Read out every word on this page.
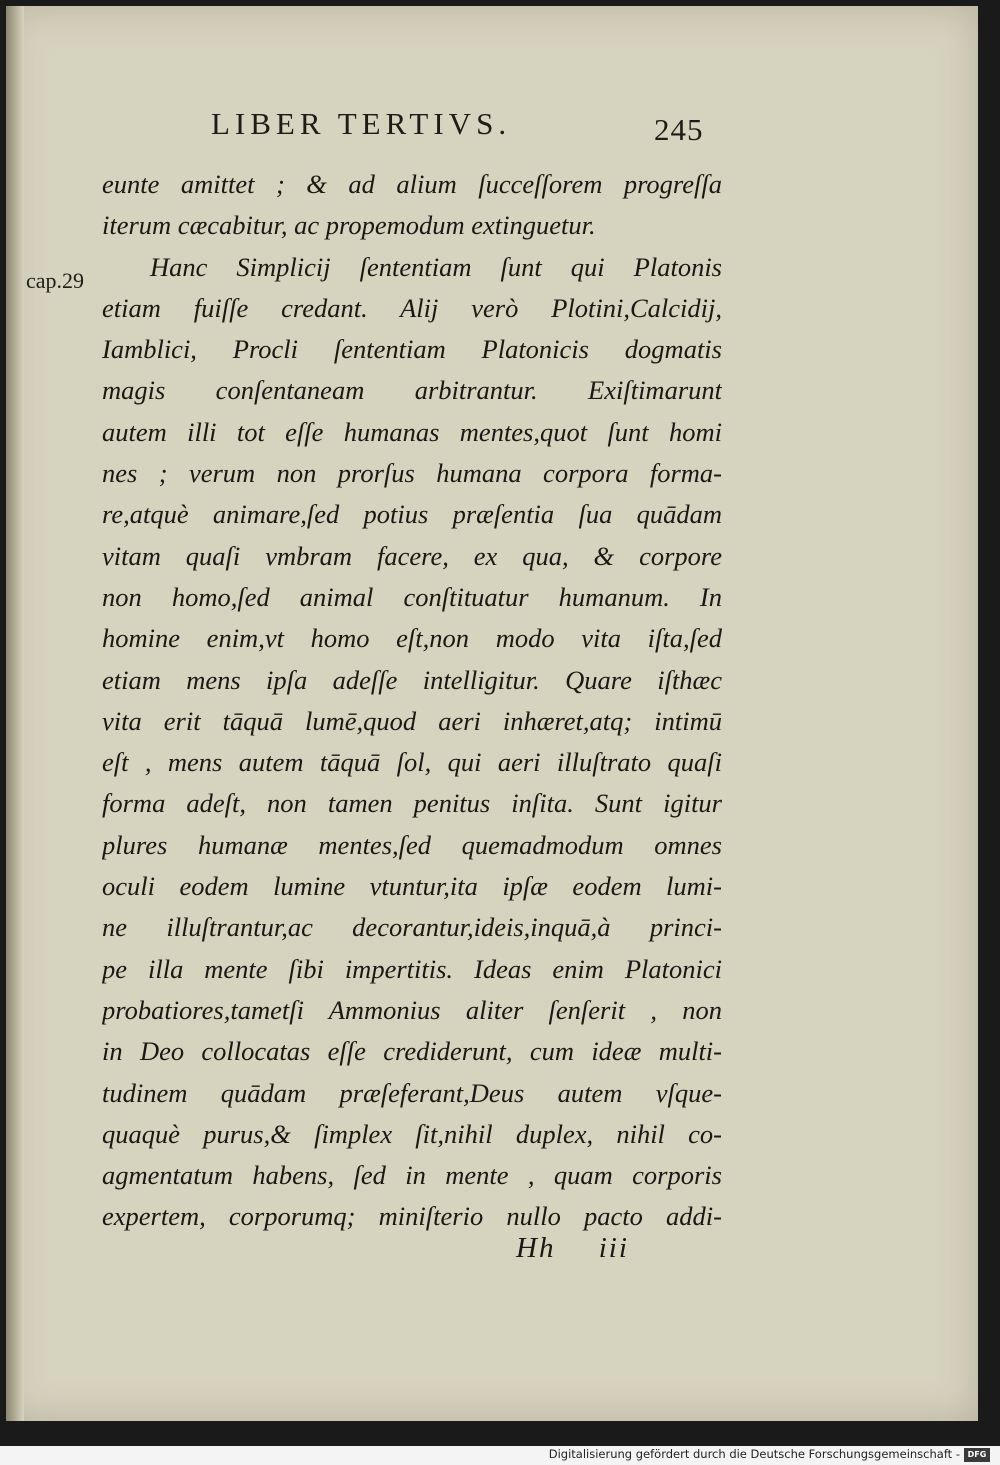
LIBER TERTIVS.	245
cap.29
eunte amittet ; & ad alium ſucceſſorem progreſſa
iterum cæcabitur, ac propemodum extinguetur.
Hanc Simplicij ſententiam ſunt qui Platonis
etiam fuiſſe credant. Alij verò Plotini,Calcidij,
Iamblici, Procli ſententiam Platonicis dogmatis
magis conſentaneam arbitrantur. Exiſtimarunt
autem illi tot eſſe humanas mentes,quot ſunt homi
nes ; verum non prorſus humana corpora forma-
re,atquè animare,ſed potius præſentia ſua quādam
vitam quaſi vmbram facere, ex qua, & corpore
non homo,ſed animal conſtituatur humanum. In
homine enim,vt homo eſt,non modo vita iſta,ſed
etiam mens ipſa adeſſe intelligitur. Quare iſthæc
vita erit tāquā lumē,quod aeri inhæret,atq; intimū
eſt , mens autem tāquā ſol, qui aeri illuſtrato quaſi
forma adeſt, non tamen penitus inſita. Sunt igitur
plures humanæ mentes,ſed quemadmodum omnes
oculi eodem lumine vtuntur,ita ipſæ eodem lumi-
ne illuſtrantur,ac decorantur,ideis,inquā,à princi-
pe illa mente ſibi impertitis. Ideas enim Platonici
probatiores,tametſi Ammonius aliter ſenſerit , non
in Deo collocatas eſſe crediderunt, cum ideæ multi-
tudinem quādam præſeferant,Deus autem vſque-
quaquè purus,& ſimplex ſit,nihil duplex, nihil co-
agmentatum habens, ſed in mente , quam corporis
expertem, corporumq; miniſterio nullo pacto addi-
Hh iii
Digitalisierung gefördert durch die Deutsche Forschungsgemeinschaft - DFG
